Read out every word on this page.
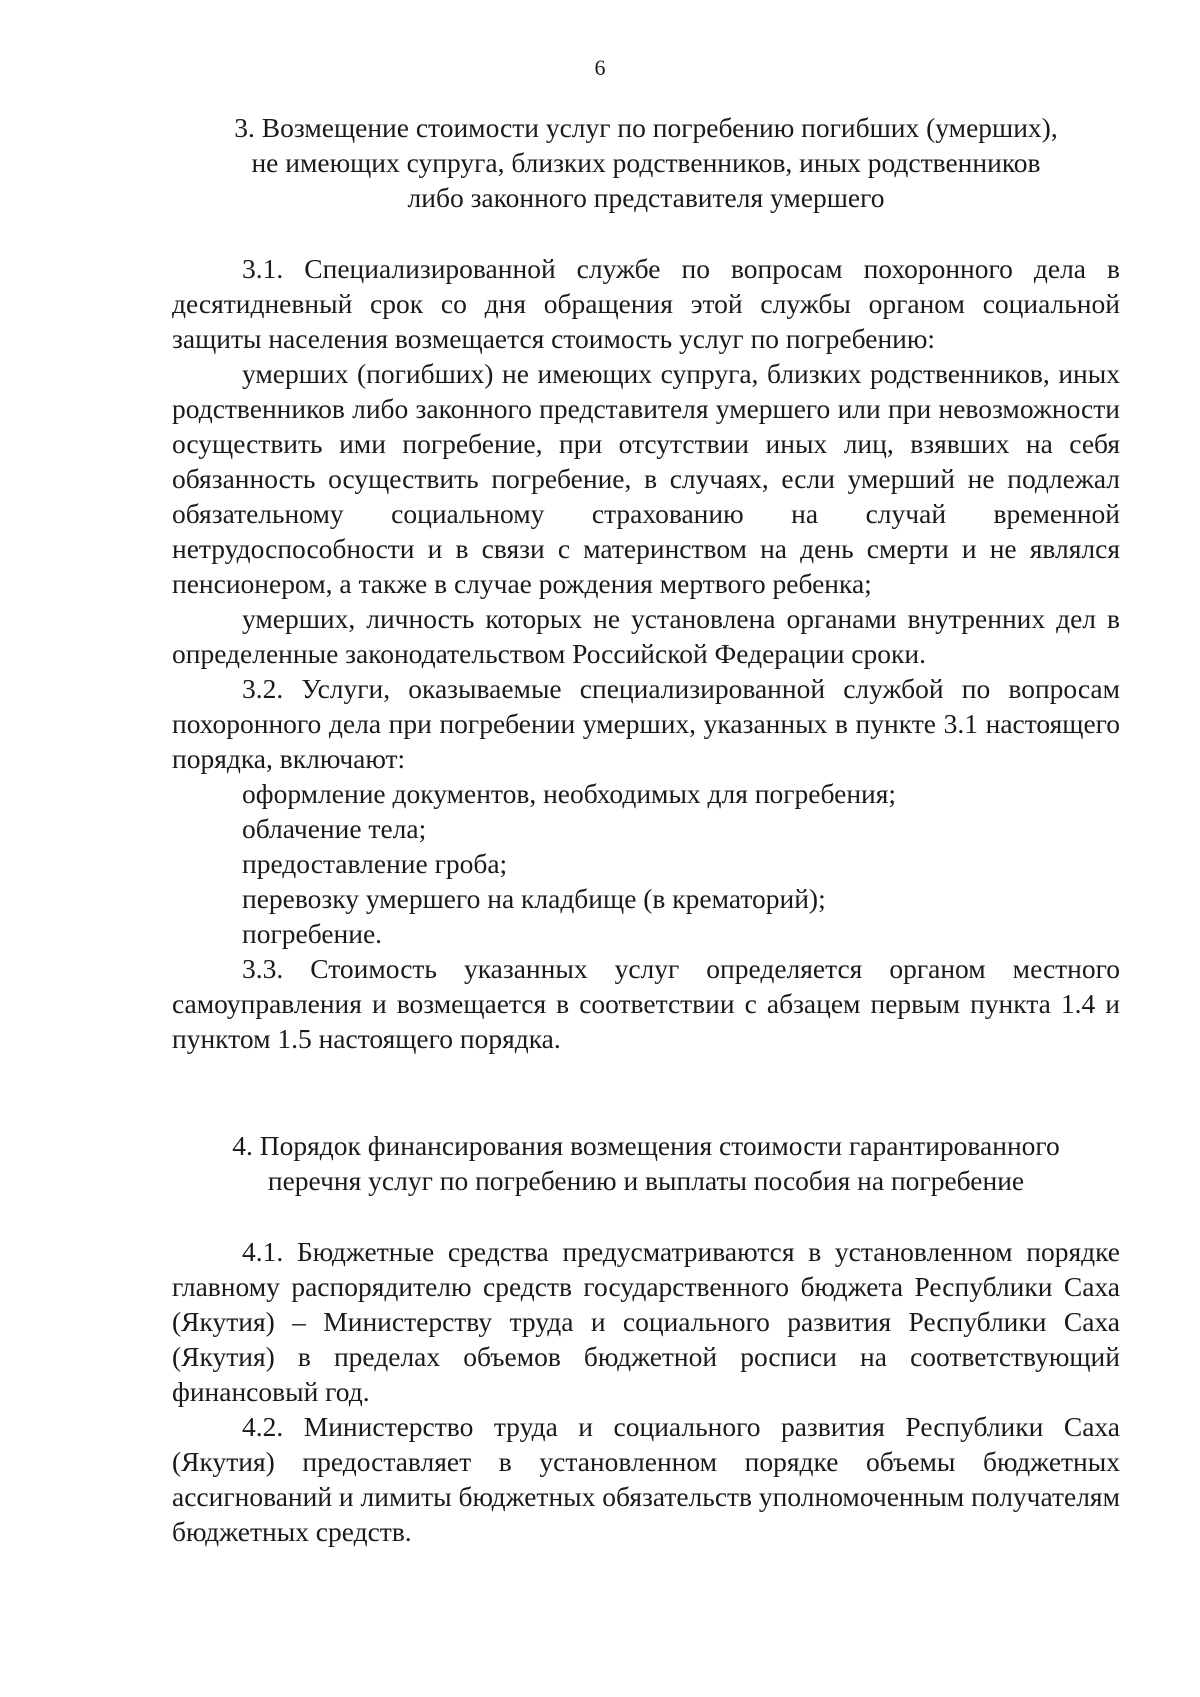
6
3. Возмещение стоимости услуг по погребению погибших (умерших),
не имеющих супруга, близких родственников, иных родственников
либо законного представителя умершего

3.1. Специализированной службе по вопросам похоронного дела в десятидневный срок со дня обращения этой службы органом социальной защиты населения возмещается стоимость услуг по погребению:

умерших (погибших) не имеющих супруга, близких родственников, иных родственников либо законного представителя умершего или при невозможности осуществить ими погребение, при отсутствии иных лиц, взявших на себя обязанность осуществить погребение, в случаях, если умерший не подлежал обязательному социальному страхованию на случай временной нетрудоспособности и в связи с материнством на день смерти и не являлся пенсионером, а также в случае рождения мертвого ребенка;

умерших, личность которых не установлена органами внутренних дел в определенные законодательством Российской Федерации сроки.

3.2. Услуги, оказываемые специализированной службой по вопросам похоронного дела при погребении умерших, указанных в пункте 3.1 настоящего порядка, включают:

оформление документов, необходимых для погребения;

облачение тела;

предоставление гроба;

перевозку умершего на кладбище (в крематорий);

погребение.

3.3. Стоимость указанных услуг определяется органом местного самоуправления и возмещается в соответствии с абзацем первым пункта 1.4 и пунктом 1.5 настоящего порядка.

4. Порядок финансирования возмещения стоимости гарантированного
перечня услуг по погребению и выплаты пособия на погребение

4.1. Бюджетные средства предусматриваются в установленном порядке главному распорядителю средств государственного бюджета Республики Саха (Якутия) – Министерству труда и социального развития Республики Саха (Якутия) в пределах объемов бюджетной росписи на соответствующий финансовый год.

4.2. Министерство труда и социального развития Республики Саха (Якутия) предоставляет в установленном порядке объемы бюджетных ассигнований и лимиты бюджетных обязательств уполномоченным получателям бюджетных средств.
